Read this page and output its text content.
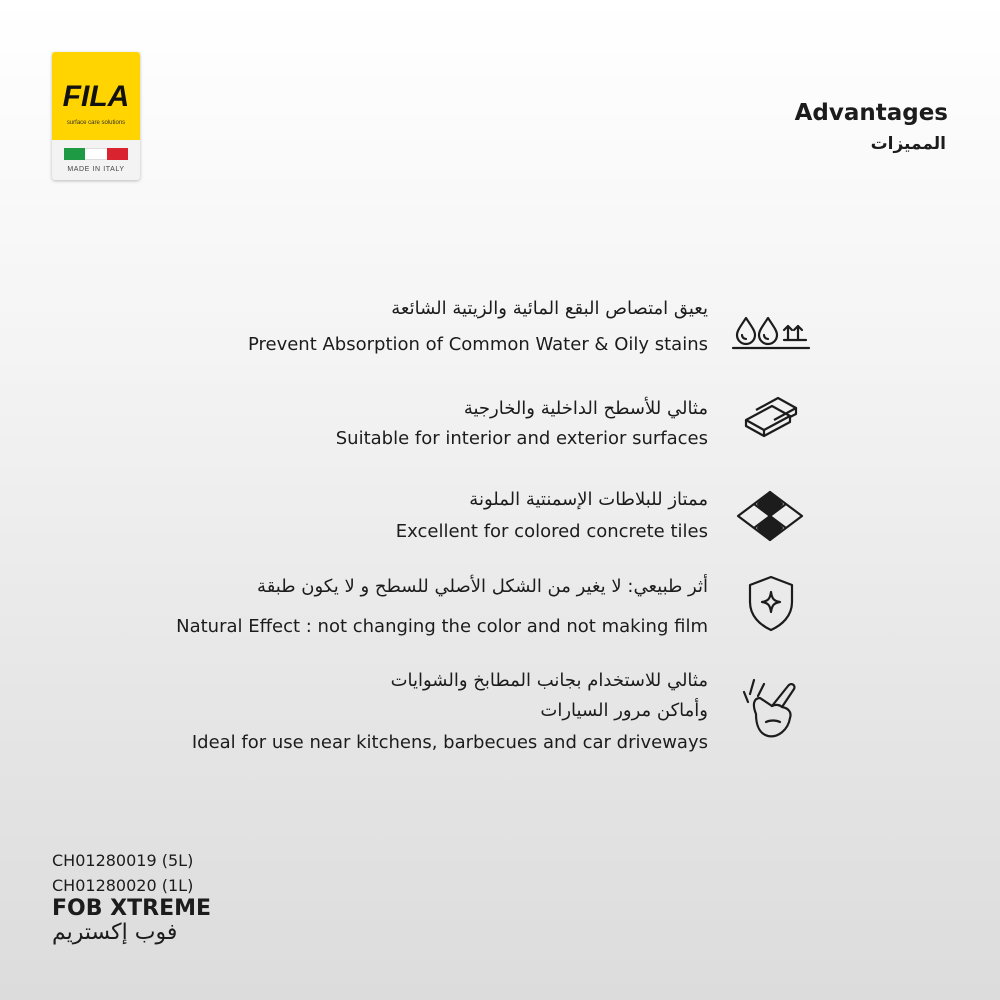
FILA
surface care solutions
MADE IN ITALY
Advantages
المميزات
يعيق امتصاص البقع المائية والزيتية الشائعة
Prevent Absorption of Common Water & Oily stains
مثالي للأسطح الداخلية والخارجية
Suitable for interior and exterior surfaces
ممتاز للبلاطات الإسمنتية الملونة
Excellent for colored concrete tiles
أثر طبيعي: لا يغير من الشكل الأصلي للسطح و لا يكون طبقة
Natural Effect : not changing the color and not making film
مثالي للاستخدام بجانب المطابخ والشوايات
وأماكن مرور السيارات
Ideal for use near kitchens, barbecues and car driveways
CH01280019 (5L)
CH01280020 (1L)
FOB XTREME
فوب إكستريم
